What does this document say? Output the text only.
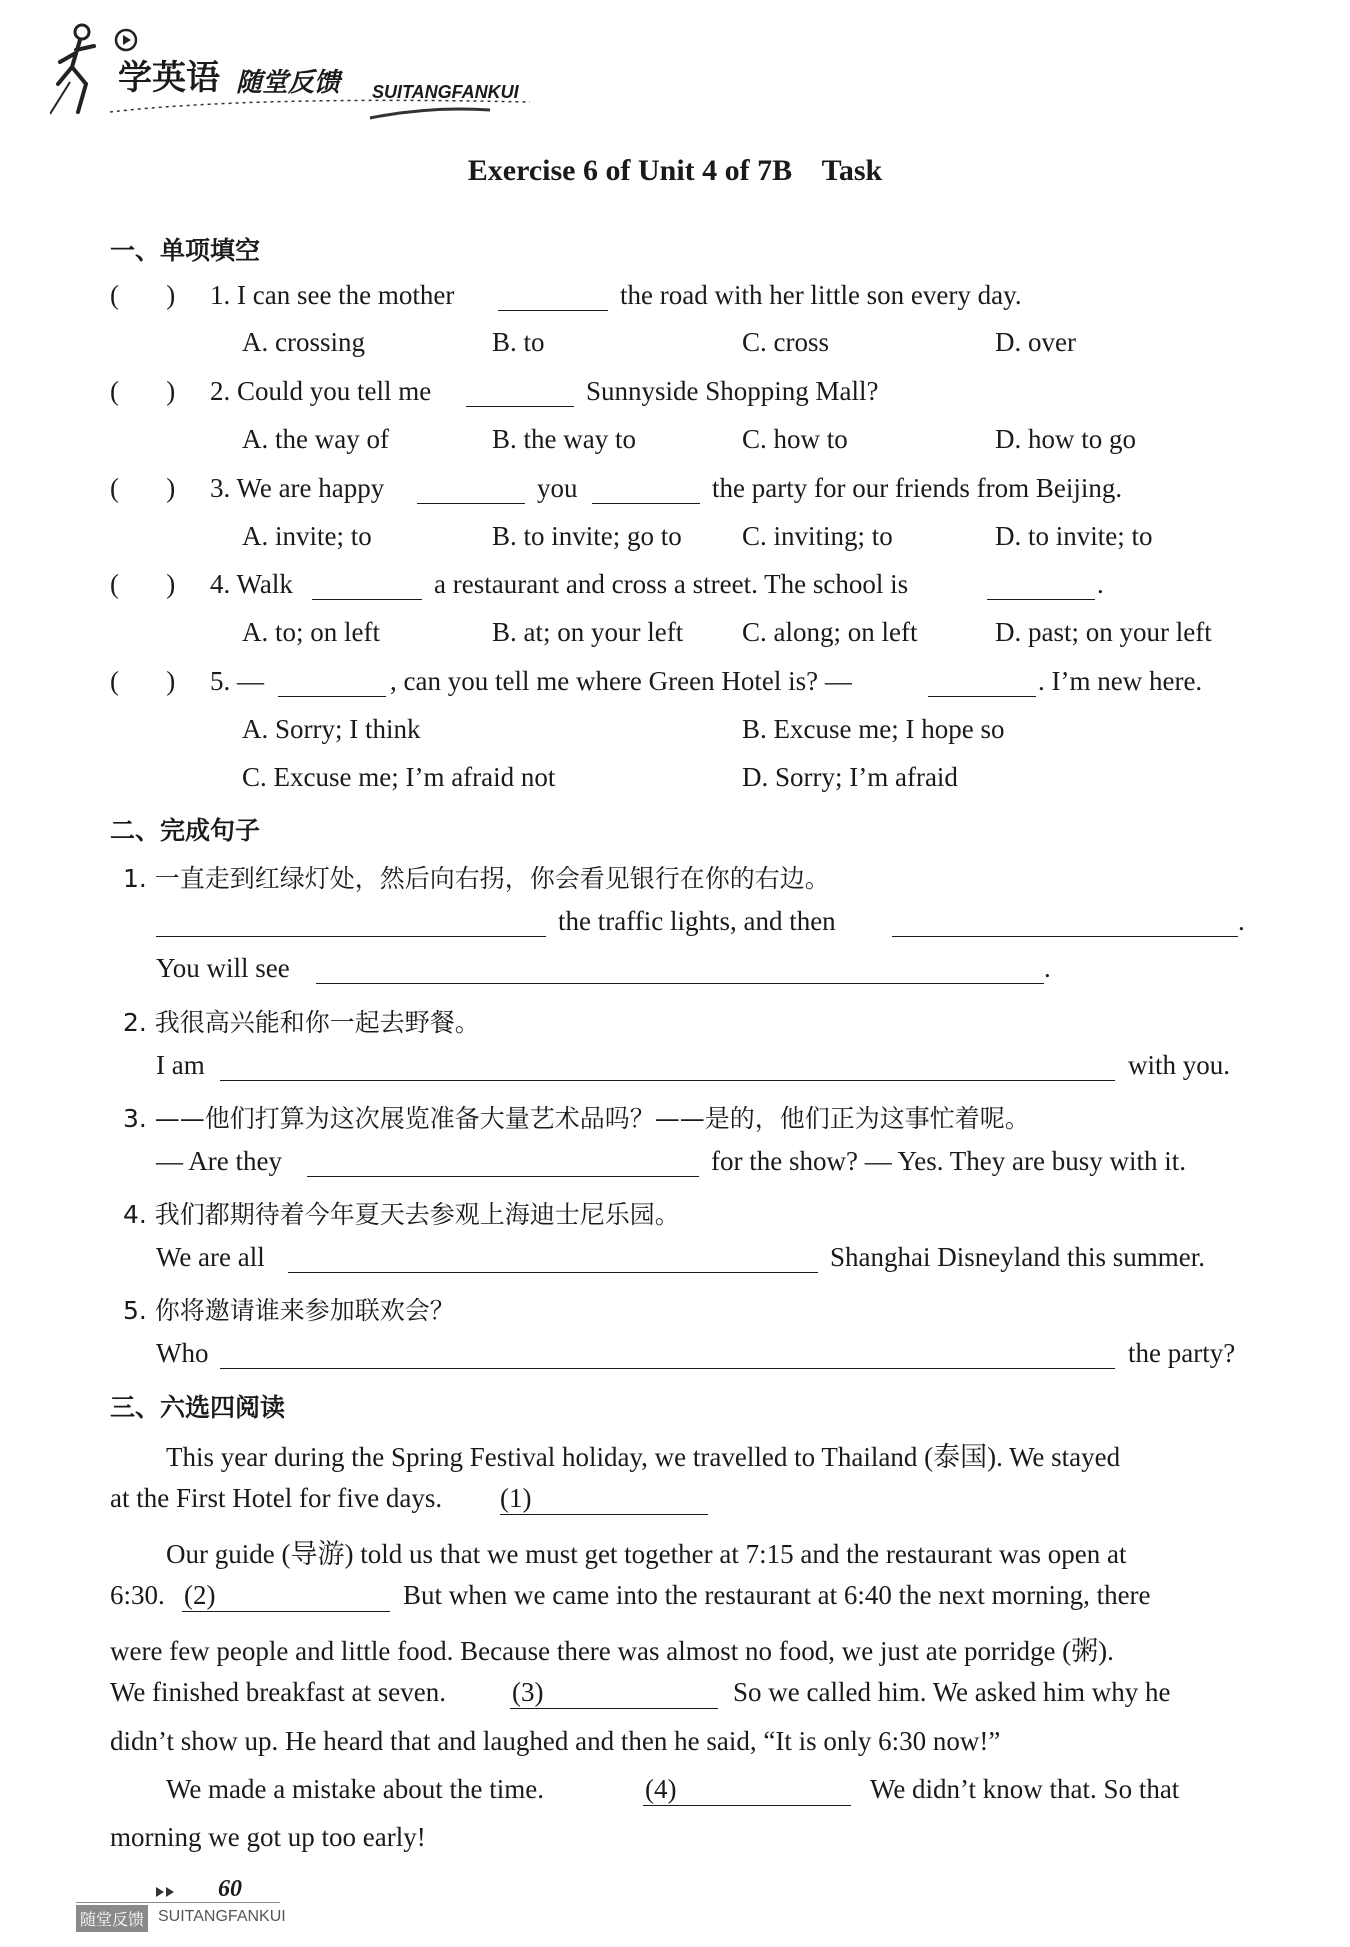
学英语 随堂反馈 SUITANGFANKUI
Exercise 6 of Unit 4 of 7B    Task
一、单项填空
(       ) 1. I can see the mother	the road with her little son every day.
A. crossing	B. to	C. cross	D. over
(       ) 2. Could you tell me	Sunnyside Shopping Mall?
A. the way of	B. the way to	C. how to	D. how to go
(       ) 3. We are happy	you	the party for our friends from Beijing.
A. invite; to	B. to invite; go to C. inviting; to	D. to invite; to
(       ) 4. Walk	a restaurant and cross a street. The school is	.
A. to; on left	B. at; on your left C. along; on left	D. past; on your left
(       ) 5. —	, can you tell me where Green Hotel is? —	. I’m new here.
A. Sorry; I think	B. Excuse me; I hope so
C. Excuse me; I’m afraid not	D. Sorry; I’m afraid
二、完成句子
1. 一直走到红绿灯处，然后向右拐，你会看见银行在你的右边。
the traffic lights, and then	.
You will see	.
2. 我很高兴能和你一起去野餐。
I am	with you.
3. ——他们打算为这次展览准备大量艺术品吗？——是的，他们正为这事忙着呢。
— Are they	for the show? — Yes. They are busy with it.
4. 我们都期待着今年夏天去参观上海迪士尼乐园。
We are all	Shanghai Disneyland this summer.
5. 你将邀请谁来参加联欢会？
Who	the party?
三、六选四阅读
This year during the Spring Festival holiday, we travelled to Thailand (泰国). We stayed
at the First Hotel for five days. (1)
Our guide (导游) told us that we must get together at 7:15 and the restaurant was open at
6:30. (2)	But when we came into the restaurant at 6:40 the next morning, there
were few people and little food. Because there was almost no food, we just ate porridge (粥).
We finished breakfast at seven. (3)	So we called him. We asked him why he
didn’t show up. He heard that and laughed and then he said, “It is only 6:30 now!”
We made a mistake about the time.	(4)	We didn’t know that. So that
morning we got up too early!
60
随堂反馈 SUITANGFANKUI
